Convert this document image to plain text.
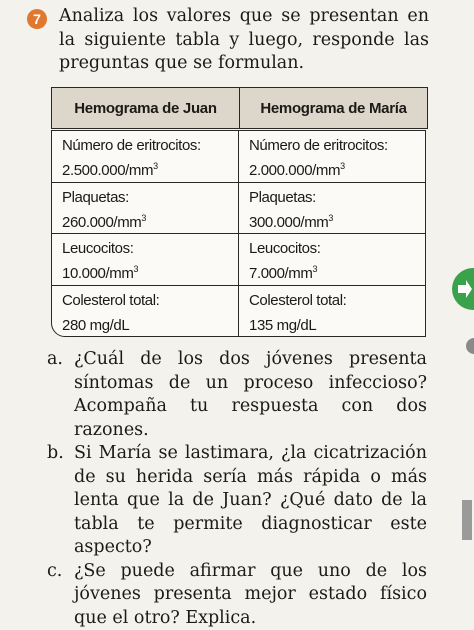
7	Analiza los valores que se presentan en la siguiente tabla y luego, responde las preguntas que se formulan.
Hemograma de Juan	Hemograma de María
Número de eritrocitos:
$2.500.000/mm^3$
Número de eritrocitos:
$2.000.000/mm^3$
Plaquetas:
$260.000/mm^3$
Plaquetas:
$300.000/mm^3$
Leucocitos:
$10.000/mm^3$
Leucocitos:
$7.000/mm^3$
Colesterol total:
280 mg/dL
Colesterol total:
135 mg/dL
a. ¿Cuál de los dos jóvenes presenta síntomas de un proceso infeccioso? Acompaña tu respuesta con dos razones.
b. Si María se lastimara, ¿la cicatrización de su herida sería más rápida o más lenta que la de Juan? ¿Qué dato de la tabla te permite diagnosticar este aspecto?
c. ¿Se puede afirmar que uno de los jóvenes presenta mejor estado físico que el otro? Explica.
